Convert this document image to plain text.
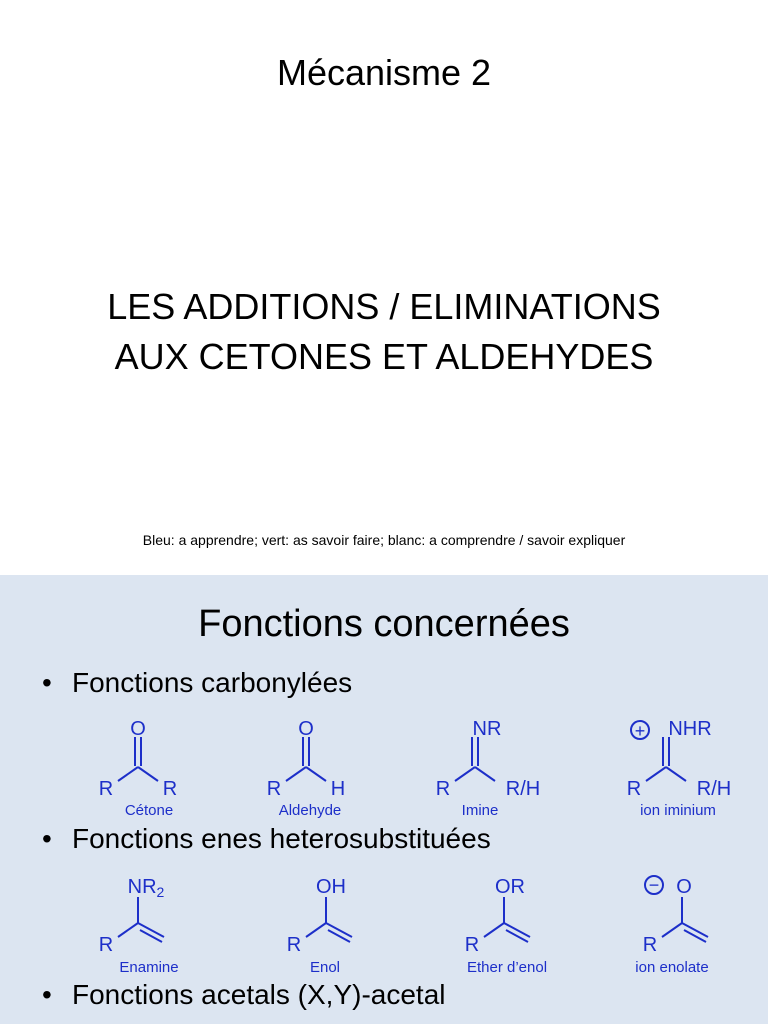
Mécanisme 2
LES ADDITIONS / ELIMINATIONS
AUX CETONES ET ALDEHYDES
Bleu: a apprendre; vert: as savoir faire; blanc: a comprendre / savoir expliquer
Fonctions concernées
• Fonctions carbonylées
O
R R
Cétone
O
R H
Aldehyde
NR
R	R/H
Imine
+ NHR
R	R/H
ion iminium
• Fonctions enes heterosubstituées
$NR_2$
R
Enamine
OH
R
Enol
OR
R
Ether d’enol
− O
R
ion enolate
• Fonctions acetals (X,Y)-acetal
